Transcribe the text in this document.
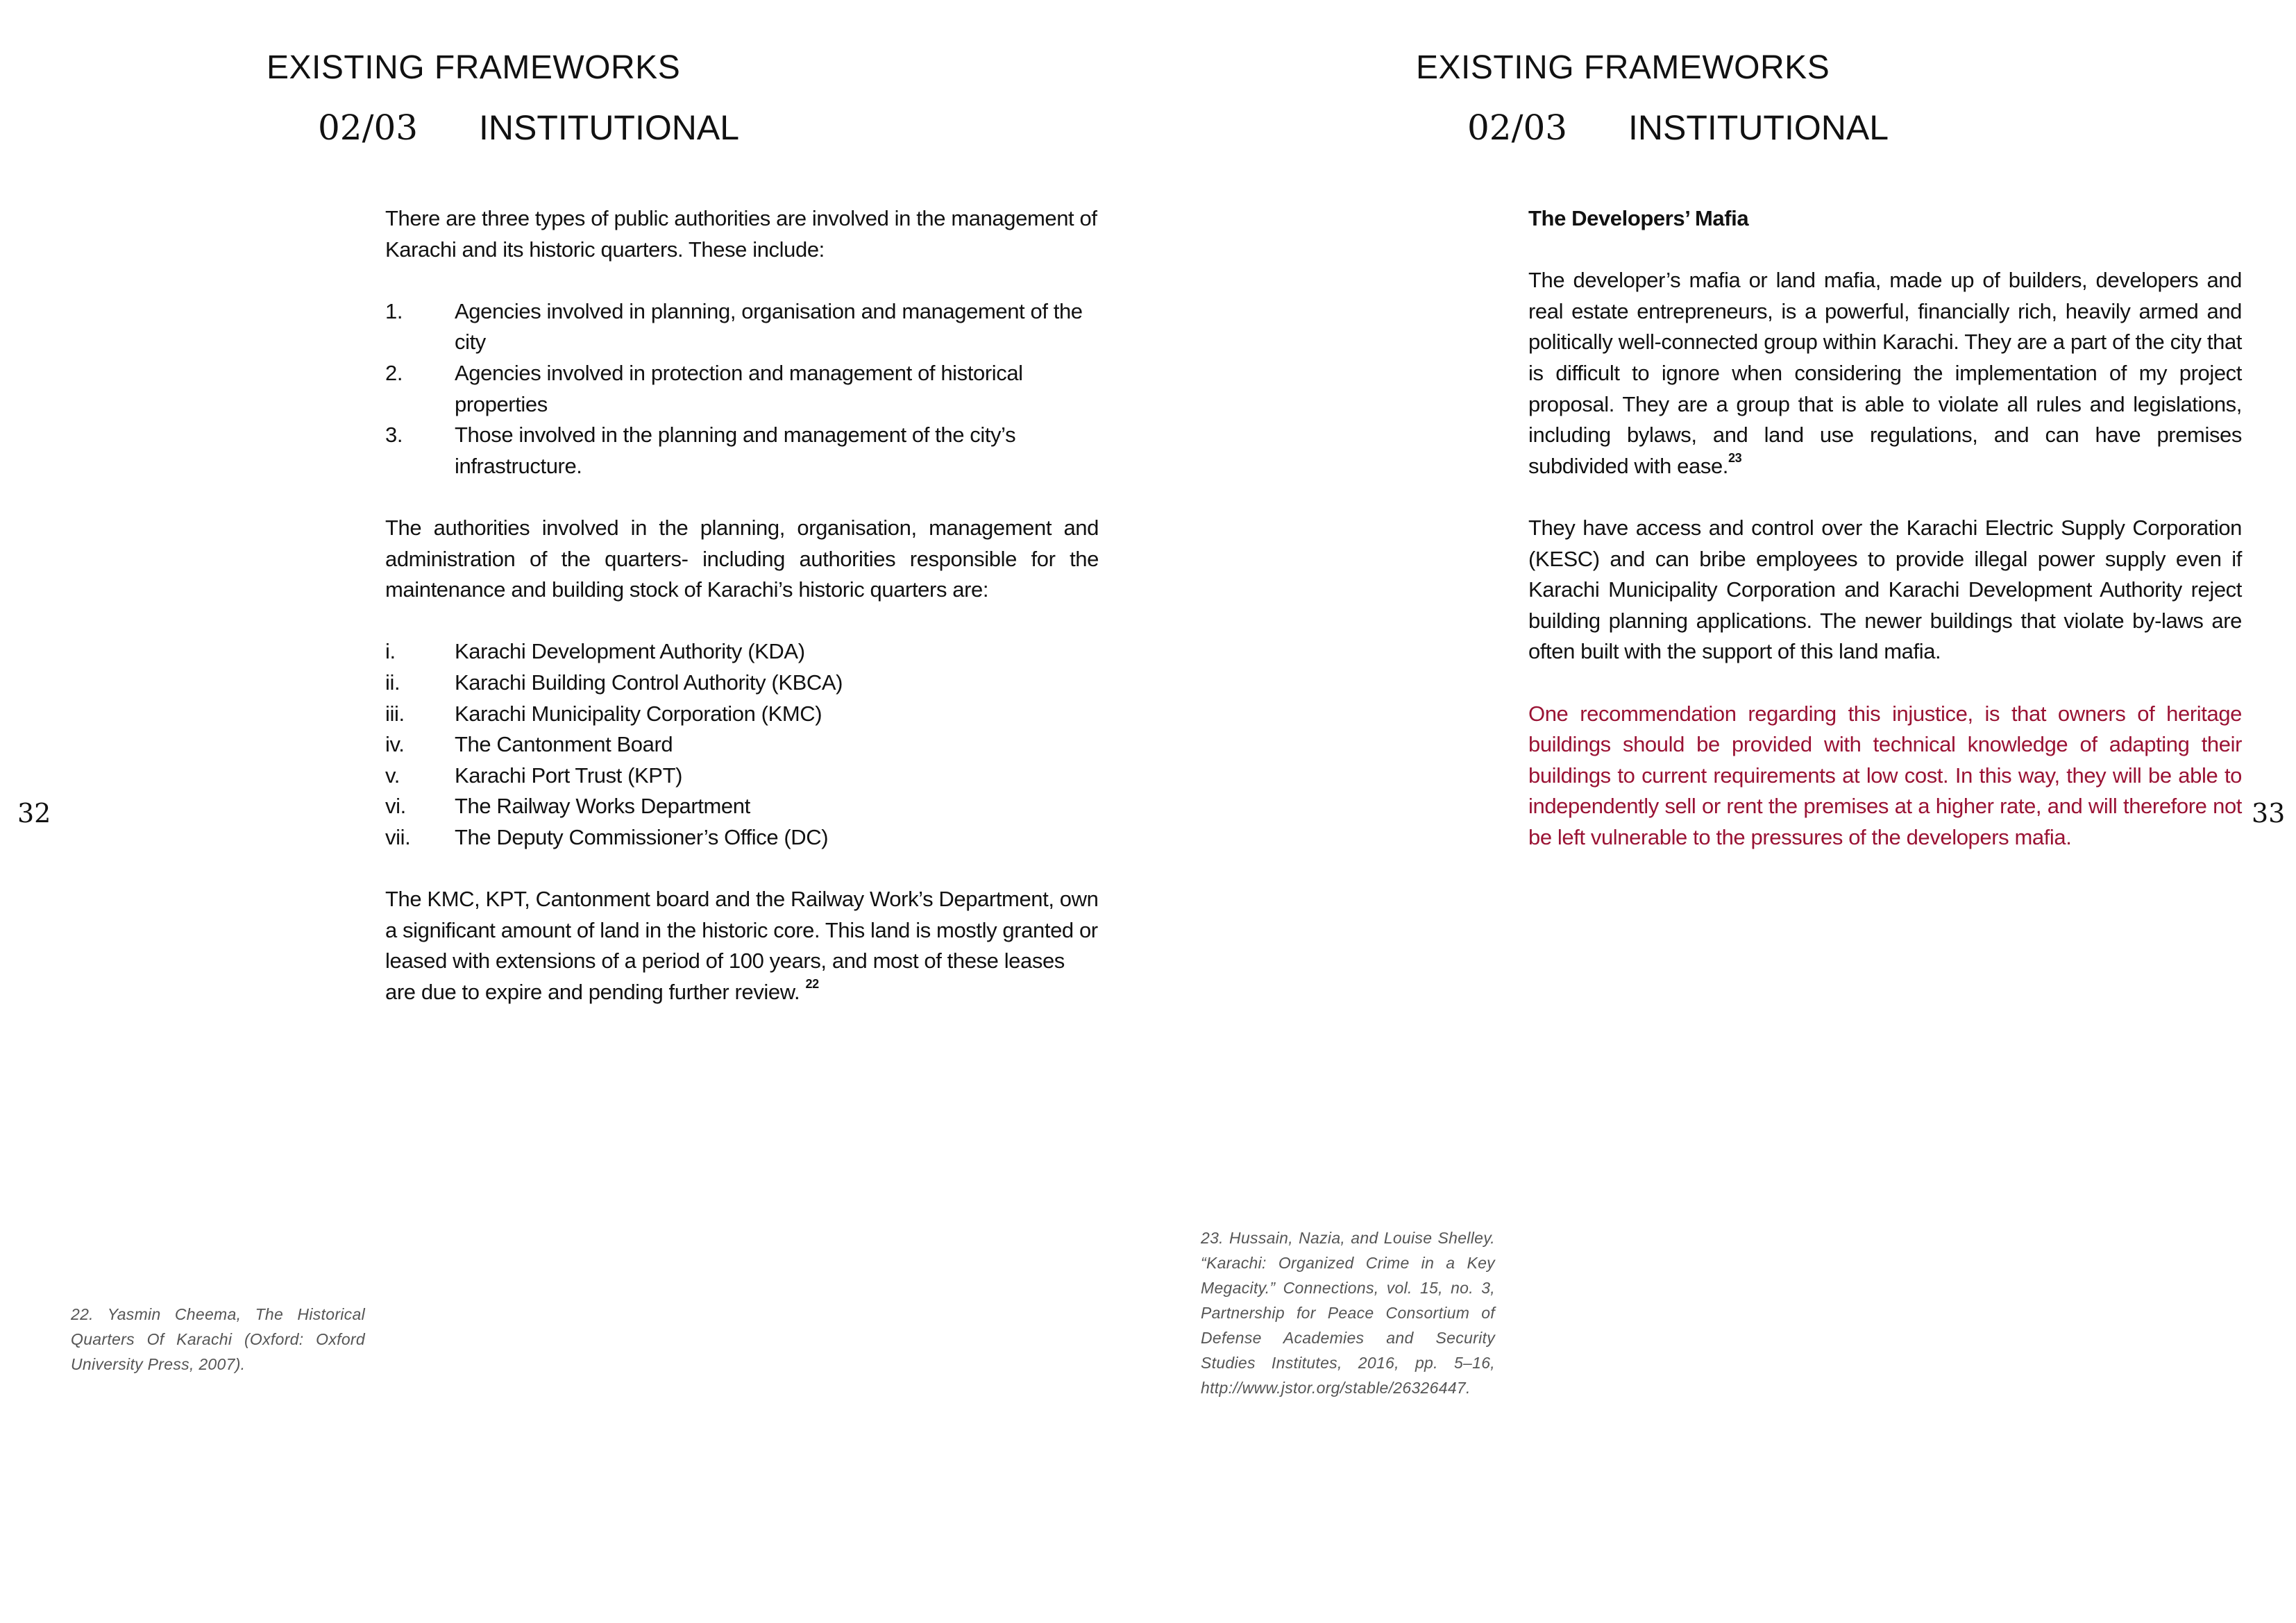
EXISTING FRAMEWORKS
02/03 INSTITUTIONAL
32

There are three types of public authorities are involved in the management of Karachi and its historic quarters. These include:

1.	Agencies involved in planning, organisation and management of the city
2.	Agencies involved in protection and management of historical properties
3.	Those involved in the planning and management of the city’s infrastructure.

The authorities involved in the planning, organisation, management and administration of the quarters- including authorities responsible for the maintenance and building stock of Karachi’s historic quarters are:

i.	Karachi Development Authority (KDA)
ii.	Karachi Building Control Authority (KBCA)
iii.	Karachi Municipality Corporation (KMC)
iv.	The Cantonment Board
v.	Karachi Port Trust (KPT)
vi.	The Railway Works Department
vii.	The Deputy Commissioner’s Office (DC)

The KMC, KPT, Cantonment board and the Railway Work’s Department, own a significant amount of land in the historic core. This land is mostly granted or leased with extensions of a period of 100 years, and most of these leases are due to expire and pending further review. $^{22}$

22. Yasmin Cheema, The Historical Quarters Of Karachi (Oxford: Oxford University Press, 2007).
EXISTING FRAMEWORKS
02/03 INSTITUTIONAL
33

The Developers’ Mafia

The developer’s mafia or land mafia, made up of builders, developers and real estate entrepreneurs, is a powerful, financially rich, heavily armed and politically well-connected group within Karachi. They are a part of the city that is difficult to ignore when considering the implementation of my project proposal. They are a group that is able to violate all rules and legislations, including bylaws, and land use regulations, and can have premises subdivided with ease.$^{23}$

They have access and control over the Karachi Electric Supply Corporation (KESC) and can bribe employees to provide illegal power supply even if Karachi Municipality Corporation and Karachi Development Authority reject building planning applications. The newer buildings that violate by-laws are often built with the support of this land mafia.

One recommendation regarding this injustice, is that owners of heritage buildings should be provided with technical knowledge of adapting their buildings to current requirements at low cost. In this way, they will be able to independently sell or rent the premises at a higher rate, and will therefore not be left vulnerable to the pressures of the developers mafia.

23. Hussain, Nazia, and Louise Shelley. “Karachi: Organized Crime in a Key Megacity.” Connections, vol. 15, no. 3, Partnership for Peace Consortium of Defense Academies and Security Studies Institutes, 2016, pp. 5–16, http://www.jstor.org/stable/26326447.
